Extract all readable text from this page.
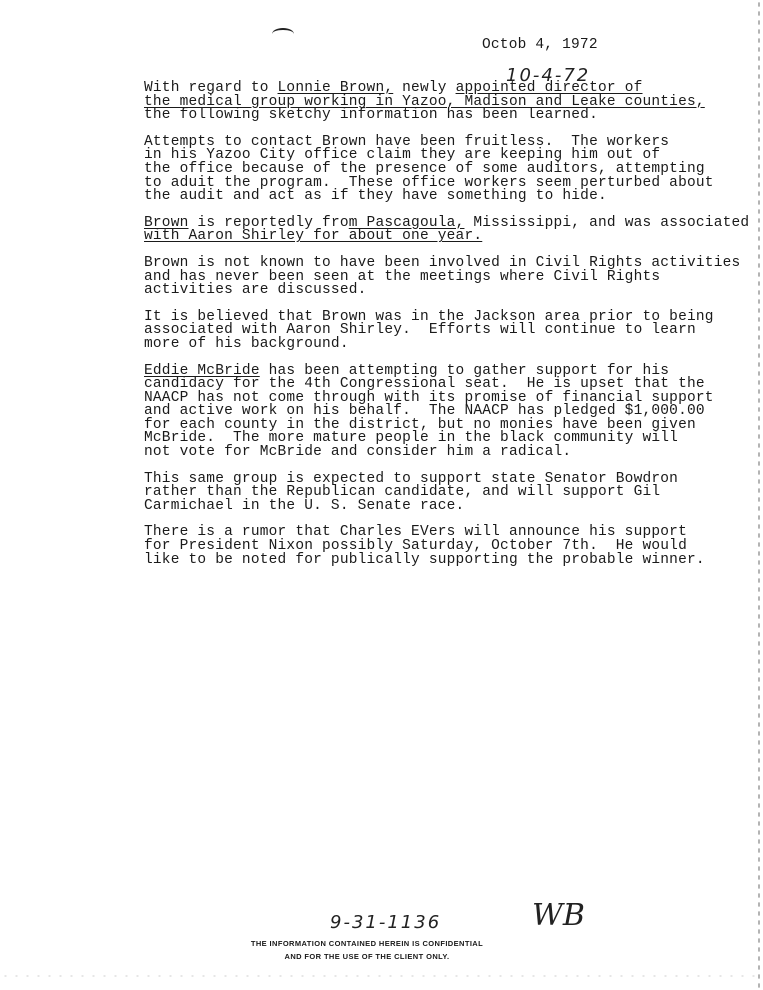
Octob 4, 1972
10-4-72
With regard to Lonnie Brown, newly appointed director of
the medical group working in Yazoo, Madison and Leake counties,
the following sketchy information has been learned.
Attempts to contact Brown have been fruitless.  The workers
in his Yazoo City office claim they are keeping him out of
the office because of the presence of some auditors, attempting
to aduit the program.  These office workers seem perturbed about
the audit and act as if they have something to hide.
Brown is reportedly from Pascagoula, Mississippi, and was associated
with Aaron Shirley for about one year.
Brown is not known to have been involved in Civil Rights activities
and has never been seen at the meetings where Civil Rights
activities are discussed.
It is believed that Brown was in the Jackson area prior to being
associated with Aaron Shirley.  Efforts will continue to learn
more of his background.
Eddie McBride has been attempting to gather support for his
candidacy for the 4th Congressional seat.  He is upset that the
NAACP has not come through with its promise of financial support
and active work on his behalf.  The NAACP has pledged $1,000.00
for each county in the district, but no monies have been given
McBride.  The more mature people in the black community will
not vote for McBride and consider him a radical.
This same group is expected to support state Senator Bowdron
rather than the Republican candidate, and will support Gil
Carmichael in the U. S. Senate race.
There is a rumor that Charles EVers will announce his support
for President Nixon possibly Saturday, October 7th.  He would
like to be noted for publically supporting the probable winner.
9-31-1136	WB
THE INFORMATION CONTAINED HEREIN IS CONFIDENTIAL
AND FOR THE USE OF THE CLIENT ONLY.
